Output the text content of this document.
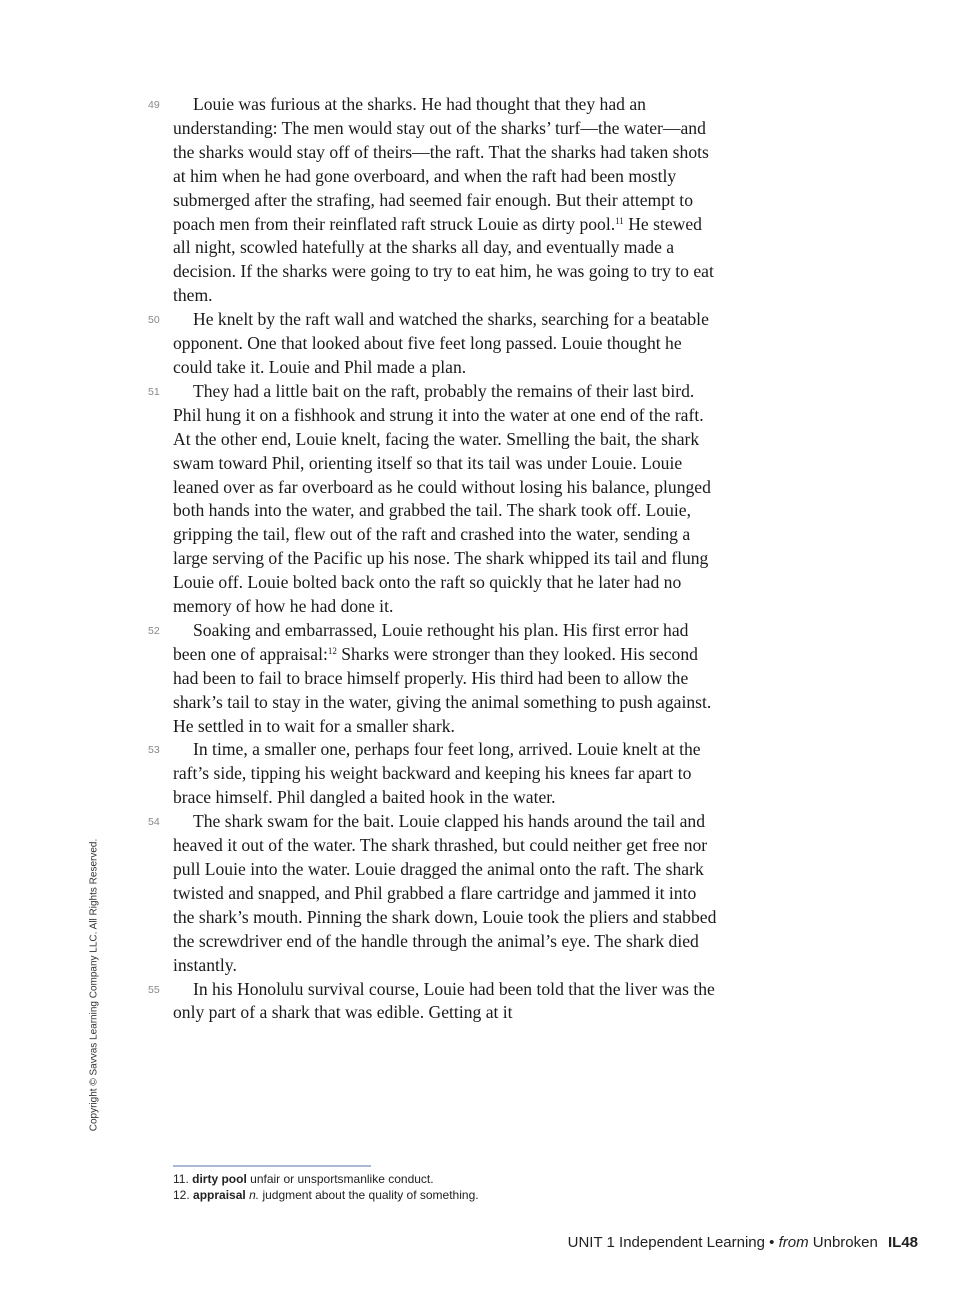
49	Louie was furious at the sharks. He had thought that they had an understanding: The men would stay out of the sharks’ turf—the water—and the sharks would stay off of theirs—the raft. That the sharks had taken shots at him when he had gone overboard, and when the raft had been mostly submerged after the strafing, had seemed fair enough. But their attempt to poach men from their reinflated raft struck Louie as dirty pool.$^{11}$ He stewed all night, scowled hatefully at the sharks all day, and eventually made a decision. If the sharks were going to try to eat him, he was going to try to eat them.

50	He knelt by the raft wall and watched the sharks, searching for a beatable opponent. One that looked about five feet long passed. Louie thought he could take it. Louie and Phil made a plan.

51	They had a little bait on the raft, probably the remains of their last bird. Phil hung it on a fishhook and strung it into the water at one end of the raft. At the other end, Louie knelt, facing the water. Smelling the bait, the shark swam toward Phil, orienting itself so that its tail was under Louie. Louie leaned over as far overboard as he could without losing his balance, plunged both hands into the water, and grabbed the tail. The shark took off. Louie, gripping the tail, flew out of the raft and crashed into the water, sending a large serving of the Pacific up his nose. The shark whipped its tail and flung Louie off. Louie bolted back onto the raft so quickly that he later had no memory of how he had done it.

52	Soaking and embarrassed, Louie rethought his plan. His first error had been one of appraisal:$^{12}$ Sharks were stronger than they looked. His second had been to fail to brace himself properly. His third had been to allow the shark’s tail to stay in the water, giving the animal something to push against. He settled in to wait for a smaller shark.

53	In time, a smaller one, perhaps four feet long, arrived. Louie knelt at the raft’s side, tipping his weight backward and keeping his knees far apart to brace himself. Phil dangled a baited hook in the water.

54	The shark swam for the bait. Louie clapped his hands around the tail and heaved it out of the water. The shark thrashed, but could neither get free nor pull Louie into the water. Louie dragged the animal onto the raft. The shark twisted and snapped, and Phil grabbed a flare cartridge and jammed it into the shark’s mouth. Pinning the shark down, Louie took the pliers and stabbed the screwdriver end of the handle through the animal’s eye. The shark died instantly.

55	In his Honolulu survival course, Louie had been told that the liver was the only part of a shark that was edible. Getting at it

11. dirty pool unfair or unsportsmanlike conduct.

12. appraisal n. judgment about the quality of something.

Copyright © Savvas Learning Company LLC. All Rights Reserved.
UNIT 1 Independent Learning • from Unbroken IL48
